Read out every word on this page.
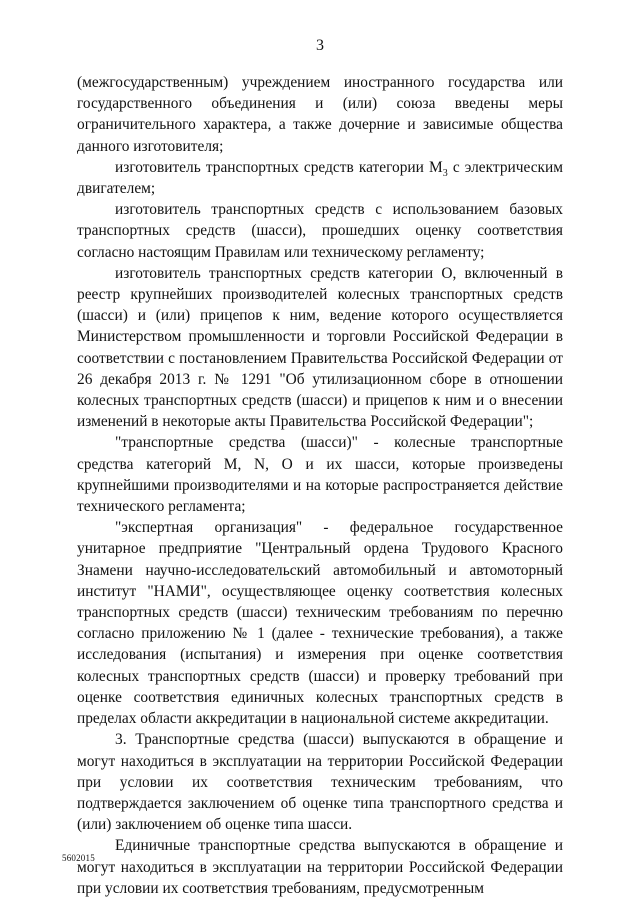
3

(межгосударственным) учреждением иностранного государства или государственного объединения и (или) союза введены меры ограничительного характера, а также дочерние и зависимые общества данного изготовителя;

изготовитель транспортных средств категории $М_3$ с электрическим двигателем;

изготовитель транспортных средств с использованием базовых транспортных средств (шасси), прошедших оценку соответствия согласно настоящим Правилам или техническому регламенту;

изготовитель транспортных средств категории О, включенный в реестр крупнейших производителей колесных транспортных средств (шасси) и (или) прицепов к ним, ведение которого осуществляется Министерством промышленности и торговли Российской Федерации в соответствии с постановлением Правительства Российской Федерации от 26 декабря 2013 г. № 1291 "Об утилизационном сборе в отношении колесных транспортных средств (шасси) и прицепов к ним и о внесении изменений в некоторые акты Правительства Российской Федерации";

"транспортные средства (шасси)" - колесные транспортные средства категорий M, N, O и их шасси, которые произведены крупнейшими производителями и на которые распространяется действие технического регламента;

"экспертная организация" - федеральное государственное унитарное предприятие "Центральный ордена Трудового Красного Знамени научно-исследовательский автомобильный и автомоторный институт "НАМИ", осуществляющее оценку соответствия колесных транспортных средств (шасси) техническим требованиям по перечню согласно приложению № 1 (далее - технические требования), а также исследования (испытания) и измерения при оценке соответствия колесных транспортных средств (шасси) и проверку требований при оценке соответствия единичных колесных транспортных средств в пределах области аккредитации в национальной системе аккредитации.

3. Транспортные средства (шасси) выпускаются в обращение и могут находиться в эксплуатации на территории Российской Федерации при условии их соответствия техническим требованиям, что подтверждается заключением об оценке типа транспортного средства и (или) заключением об оценке типа шасси.

Единичные транспортные средства выпускаются в обращение и могут находиться в эксплуатации на территории Российской Федерации при условии их соответствия требованиям, предусмотренным

5602015
